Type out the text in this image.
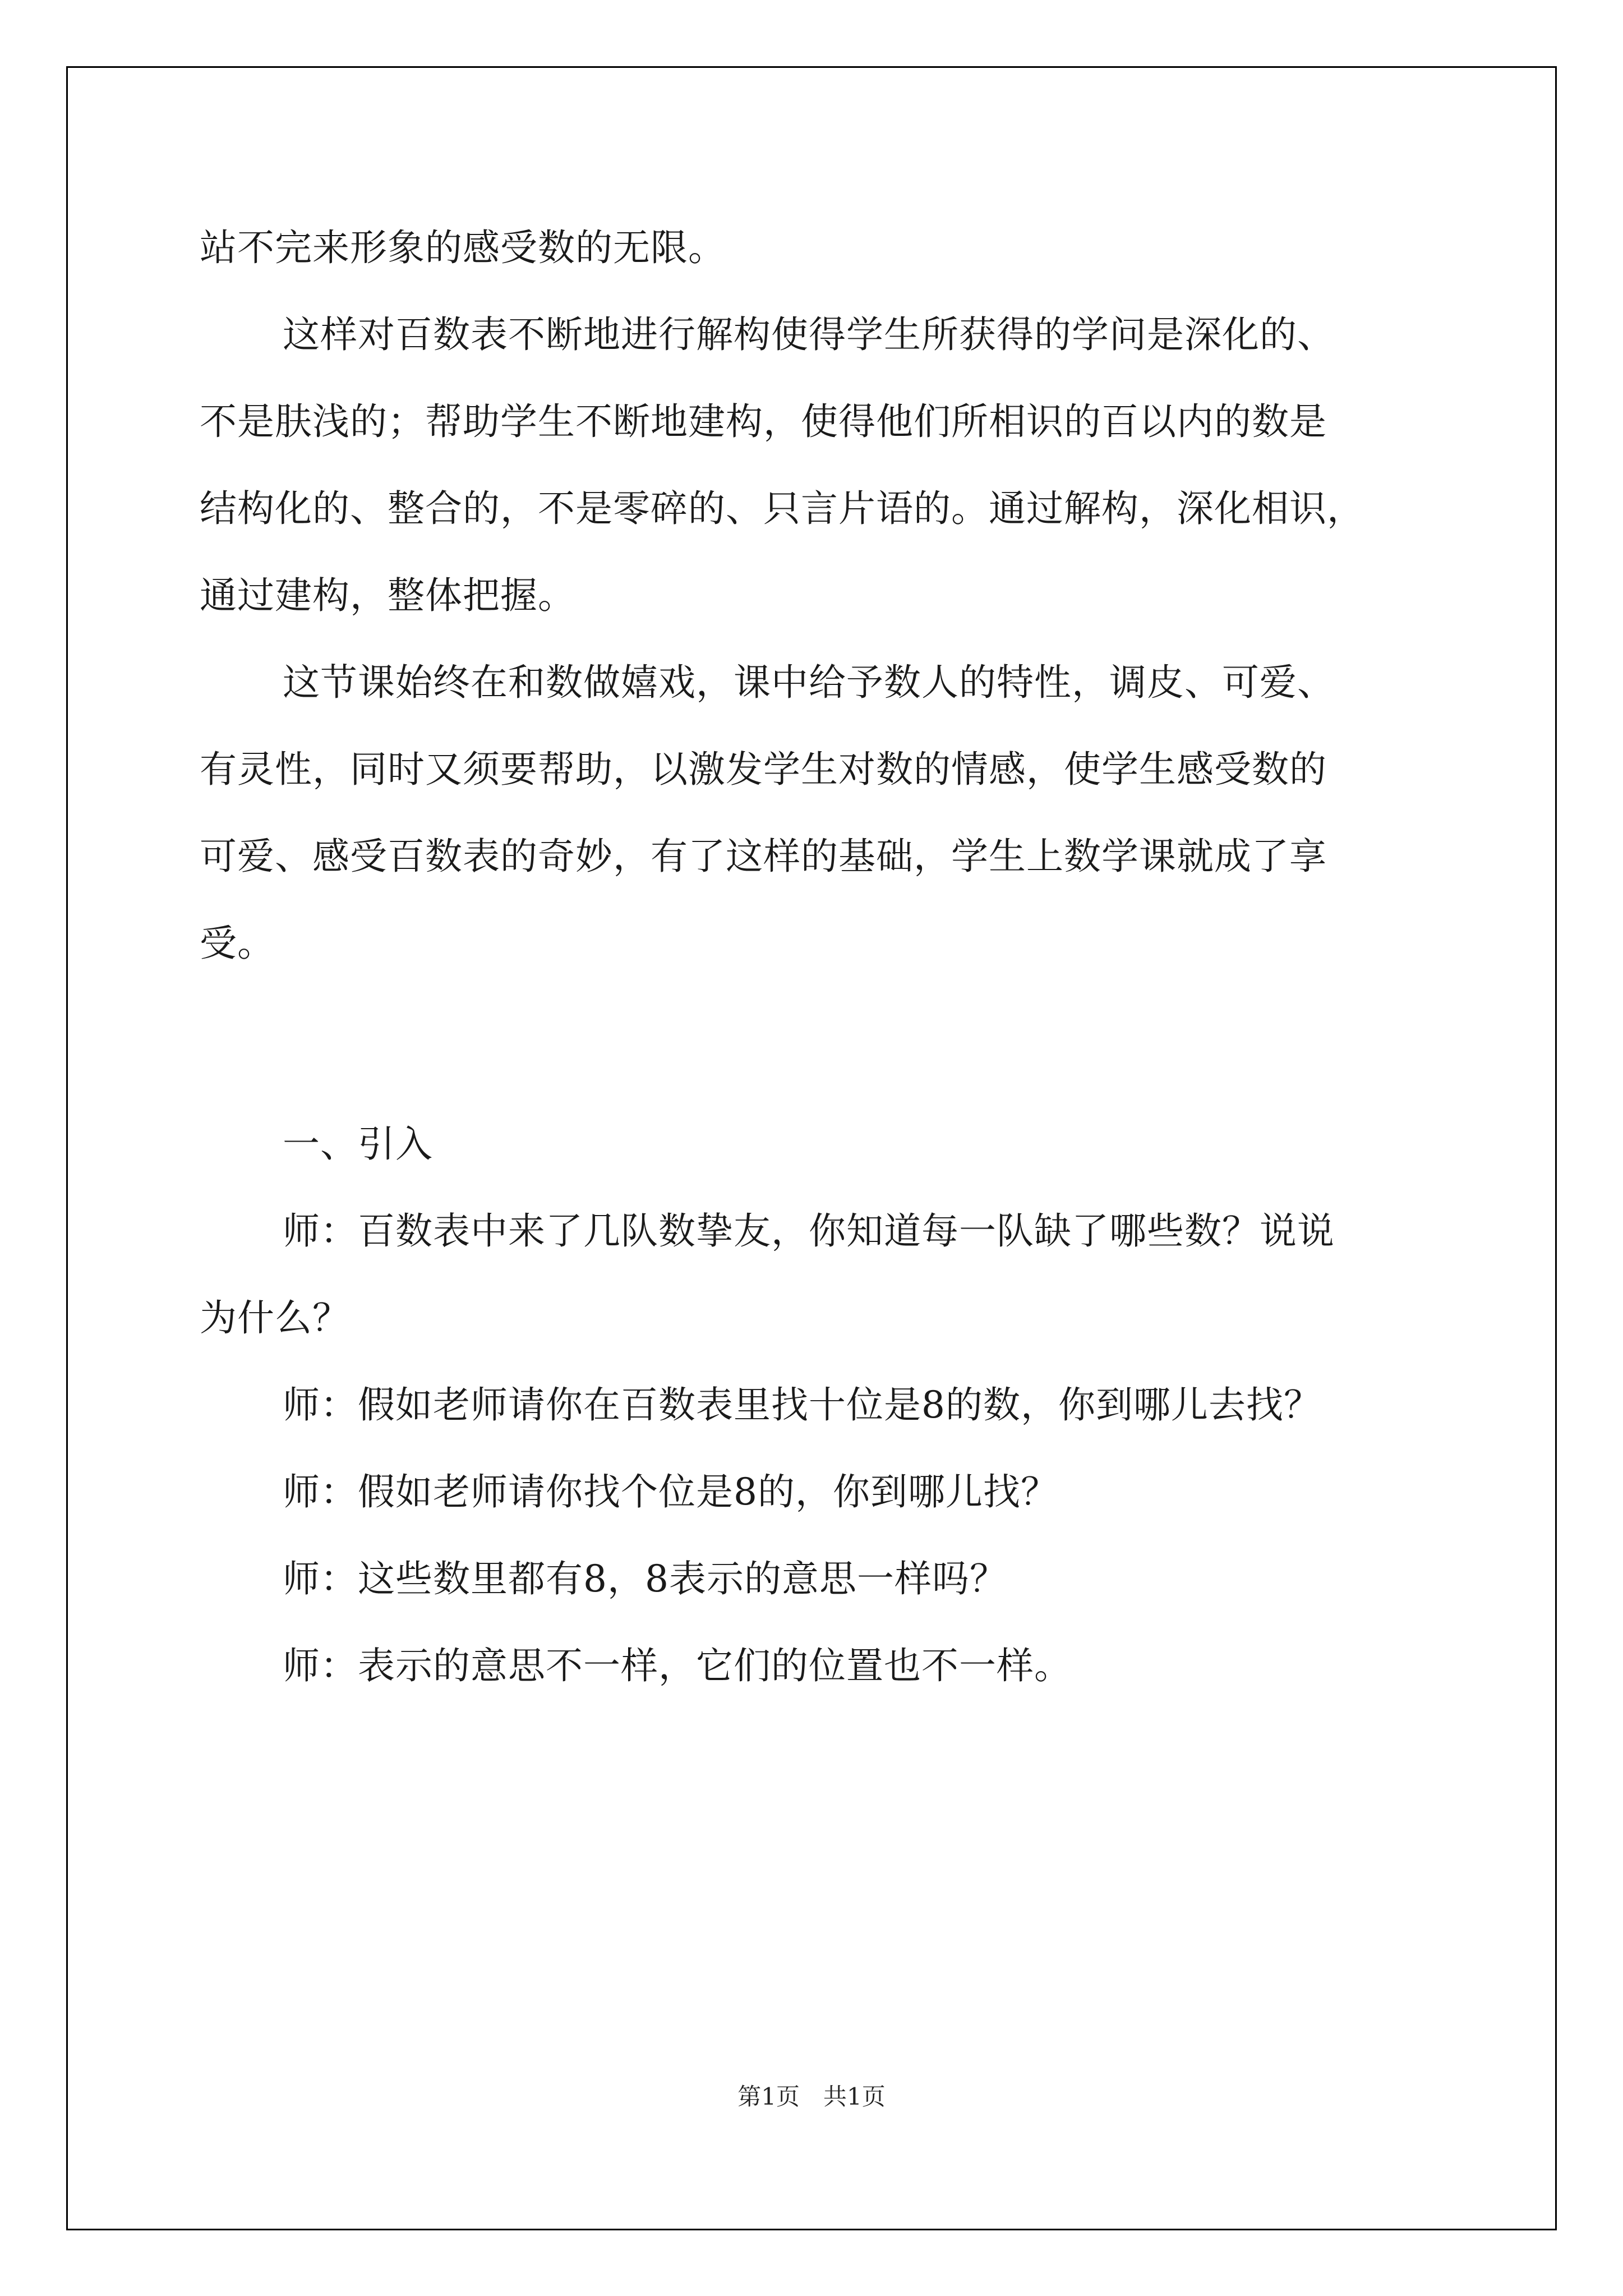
站不完来形象的感受数的无限。
这样对百数表不断地进行解构使得学生所获得的学问是深化的、
不是肤浅的；帮助学生不断地建构，使得他们所相识的百以内的数是
结构化的、整合的，不是零碎的、只言片语的。通过解构，深化相识，
通过建构，整体把握。
这节课始终在和数做嬉戏，课中给予数人的特性，调皮、可爱、
有灵性，同时又须要帮助，以激发学生对数的情感，使学生感受数的
可爱、感受百数表的奇妙，有了这样的基础，学生上数学课就成了享
受。
一、引入
师：百数表中来了几队数挚友，你知道每一队缺了哪些数？说说
为什么？
师：假如老师请你在百数表里找十位是8的数，你到哪儿去找？
师：假如老师请你找个位是8的，你到哪儿找？
师：这些数里都有8，8表示的意思一样吗？
师：表示的意思不一样，它们的位置也不一样。
第1页　共1页
